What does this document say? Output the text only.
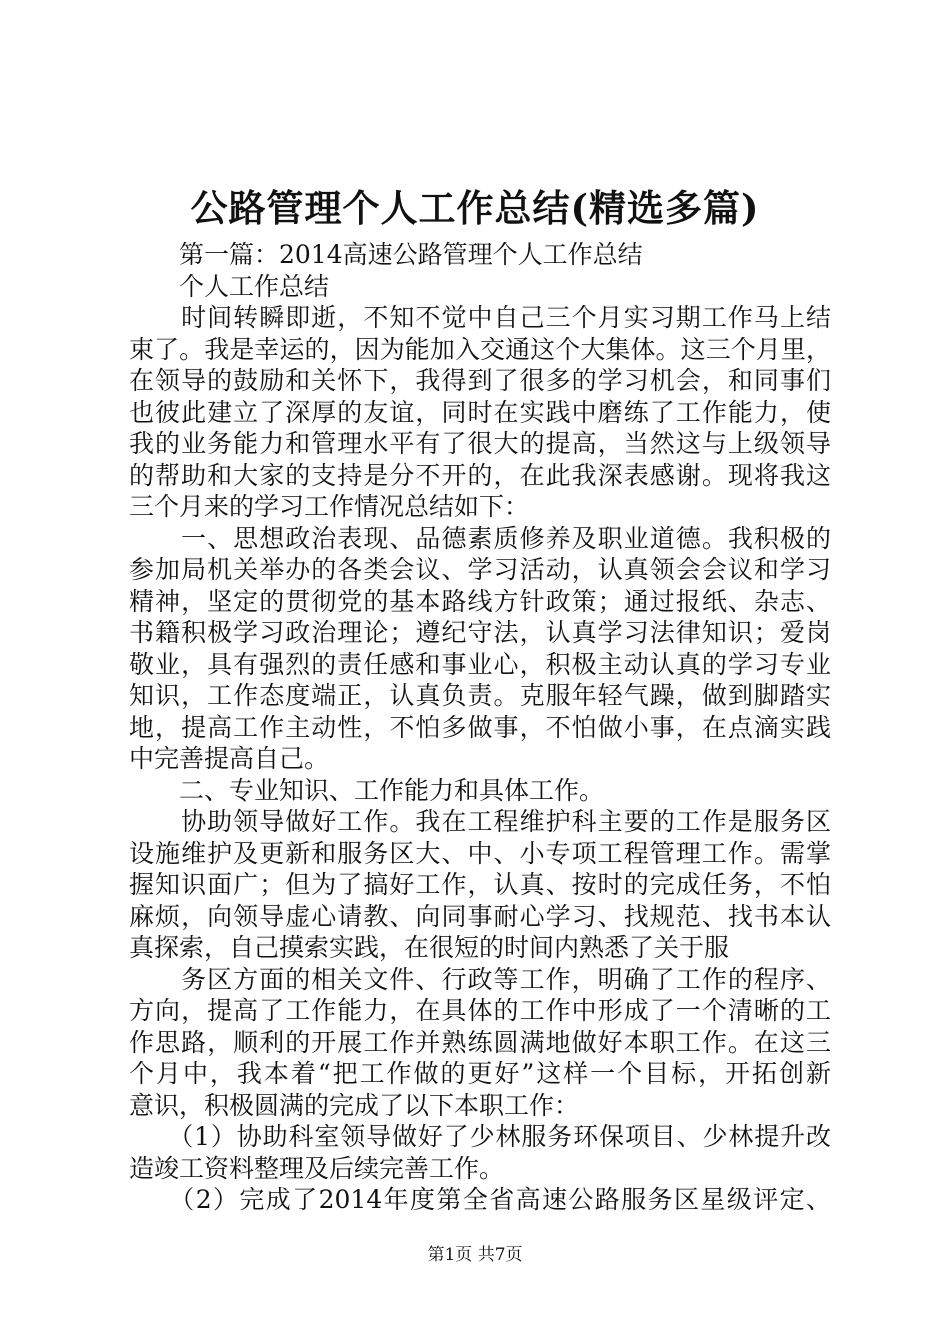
公路管理个人工作总结(精选多篇)
　　第一篇：2014高速公路管理个人工作总结
　　个人工作总结
　　时间转瞬即逝，不知不觉中自己三个月实习期工作马上结
束了。我是幸运的，因为能加入交通这个大集体。这三个月里，
在领导的鼓励和关怀下，我得到了很多的学习机会，和同事们
也彼此建立了深厚的友谊，同时在实践中磨练了工作能力，使
我的业务能力和管理水平有了很大的提高，当然这与上级领导
的帮助和大家的支持是分不开的，在此我深表感谢。现将我这
三个月来的学习工作情况总结如下：
　　一、思想政治表现、品德素质修养及职业道德。我积极的
参加局机关举办的各类会议、学习活动，认真领会会议和学习
精神，坚定的贯彻党的基本路线方针政策；通过报纸、杂志、
书籍积极学习政治理论；遵纪守法，认真学习法律知识；爱岗
敬业，具有强烈的责任感和事业心，积极主动认真的学习专业
知识，工作态度端正，认真负责。克服年轻气躁，做到脚踏实
地，提高工作主动性，不怕多做事，不怕做小事，在点滴实践
中完善提高自己。
　　二、专业知识、工作能力和具体工作。
　　协助领导做好工作。我在工程维护科主要的工作是服务区
设施维护及更新和服务区大、中、小专项工程管理工作。需掌
握知识面广；但为了搞好工作，认真、按时的完成任务，不怕
麻烦，向领导虚心请教、向同事耐心学习、找规范、找书本认
真探索，自己摸索实践，在很短的时间内熟悉了关于服
　　务区方面的相关文件、行政等工作，明确了工作的程序、
方向，提高了工作能力，在具体的工作中形成了一个清晰的工
作思路，顺利的开展工作并熟练圆满地做好本职工作。在这三
个月中，我本着“把工作做的更好”这样一个目标，开拓创新
意识，积极圆满的完成了以下本职工作：
　　（1）协助科室领导做好了少林服务环保项目、少林提升改
造竣工资料整理及后续完善工作。
　　（2）完成了2014年度第全省高速公路服务区星级评定、
第1页 共7页
